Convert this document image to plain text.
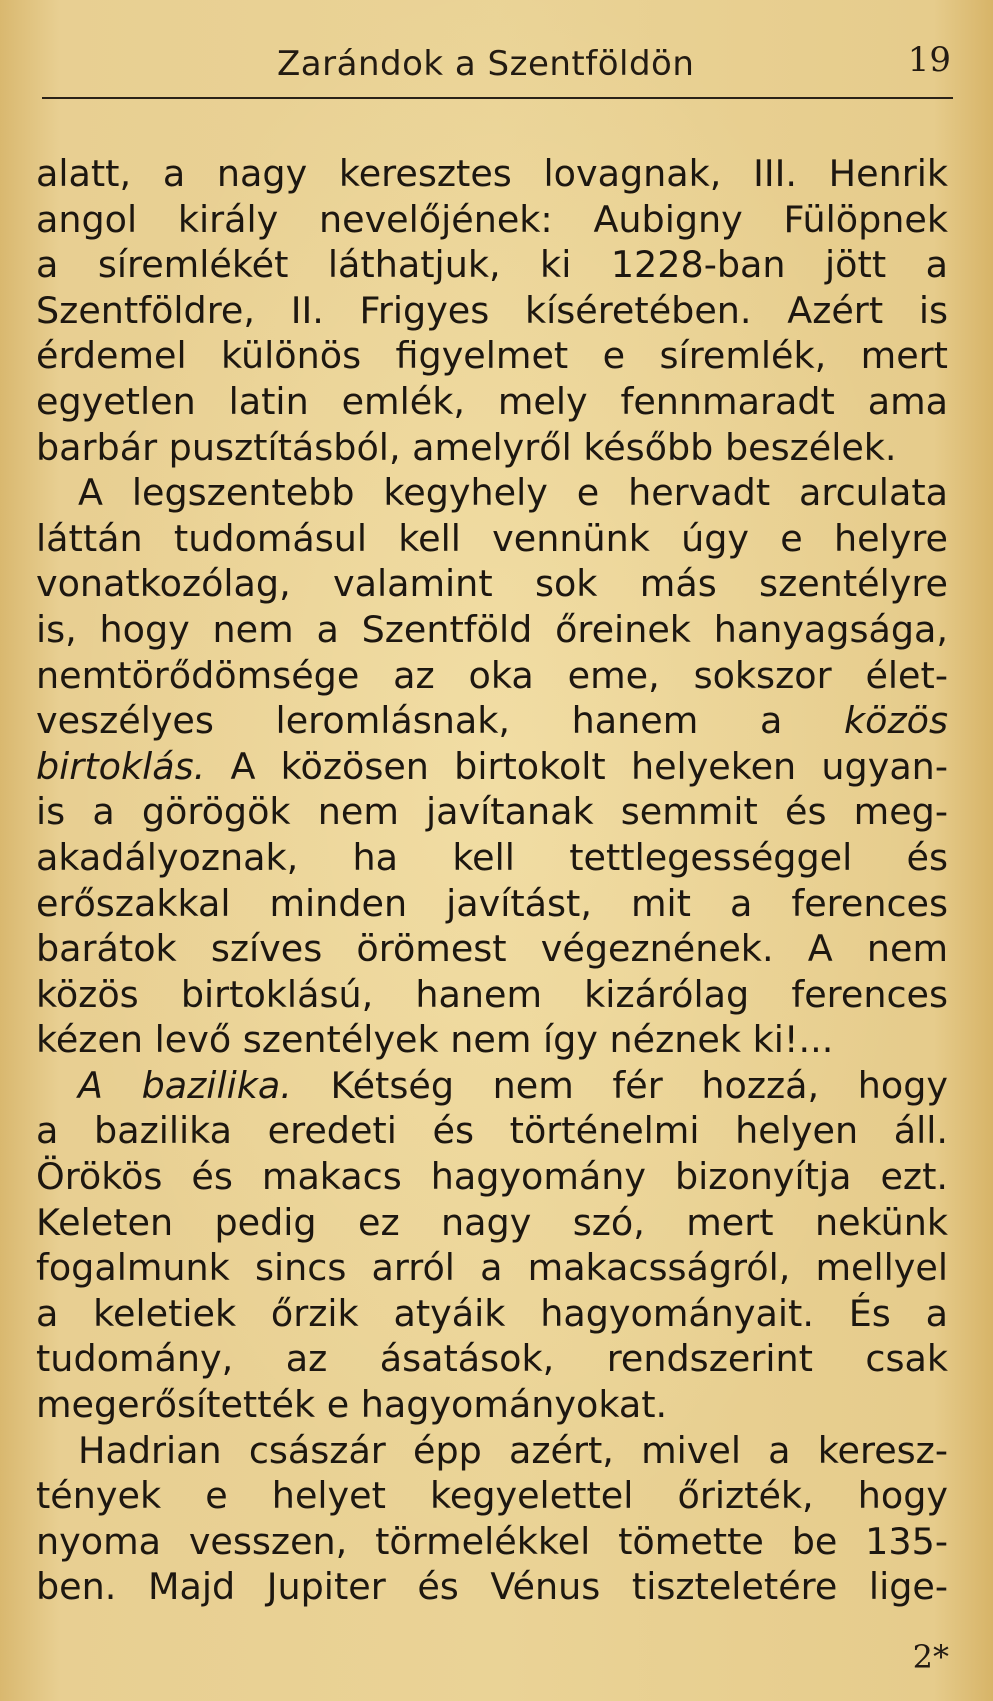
Zarándok a Szentföldön	19
alatt, a nagy keresztes lovagnak, III. Henrik
angol király nevelőjének: Aubigny Fülöpnek
a síremlékét láthatjuk, ki 1228-ban jött a
Szentföldre, II. Frigyes kíséretében. Azért is
érdemel különös figyelmet e síremlék, mert
egyetlen latin emlék, mely fennmaradt ama
barbár pusztításból, amelyről később beszélek.
A legszentebb kegyhely e hervadt arculata
láttán tudomásul kell vennünk úgy e helyre
vonatkozólag, valamint sok más szentélyre
is, hogy nem a Szentföld őreinek hanyagsága,
nemtörődömsége az oka eme, sokszor élet-
veszélyes leromlásnak, hanem a közös
birtoklás. A közösen birtokolt helyeken ugyan-
is a görögök nem javítanak semmit és meg-
akadályoznak, ha kell tettlegességgel és
erőszakkal minden javítást, mit a ferences
barátok szíves örömest végeznének. A nem
közös birtoklású, hanem kizárólag ferences
kézen levő szentélyek nem így néznek ki!...
A bazilika. Kétség nem fér hozzá, hogy
a bazilika eredeti és történelmi helyen áll.
Örökös és makacs hagyomány bizonyítja ezt.
Keleten pedig ez nagy szó, mert nekünk
fogalmunk sincs arról a makacsságról, mellyel
a keletiek őrzik atyáik hagyományait. És a
tudomány, az ásatások, rendszerint csak
megerősítették e hagyományokat.
Hadrian császár épp azért, mivel a keresz-
tények e helyet kegyelettel őrizték, hogy
nyoma vesszen, törmelékkel tömette be 135-
ben. Majd Jupiter és Vénus tiszteletére lige-
2*
